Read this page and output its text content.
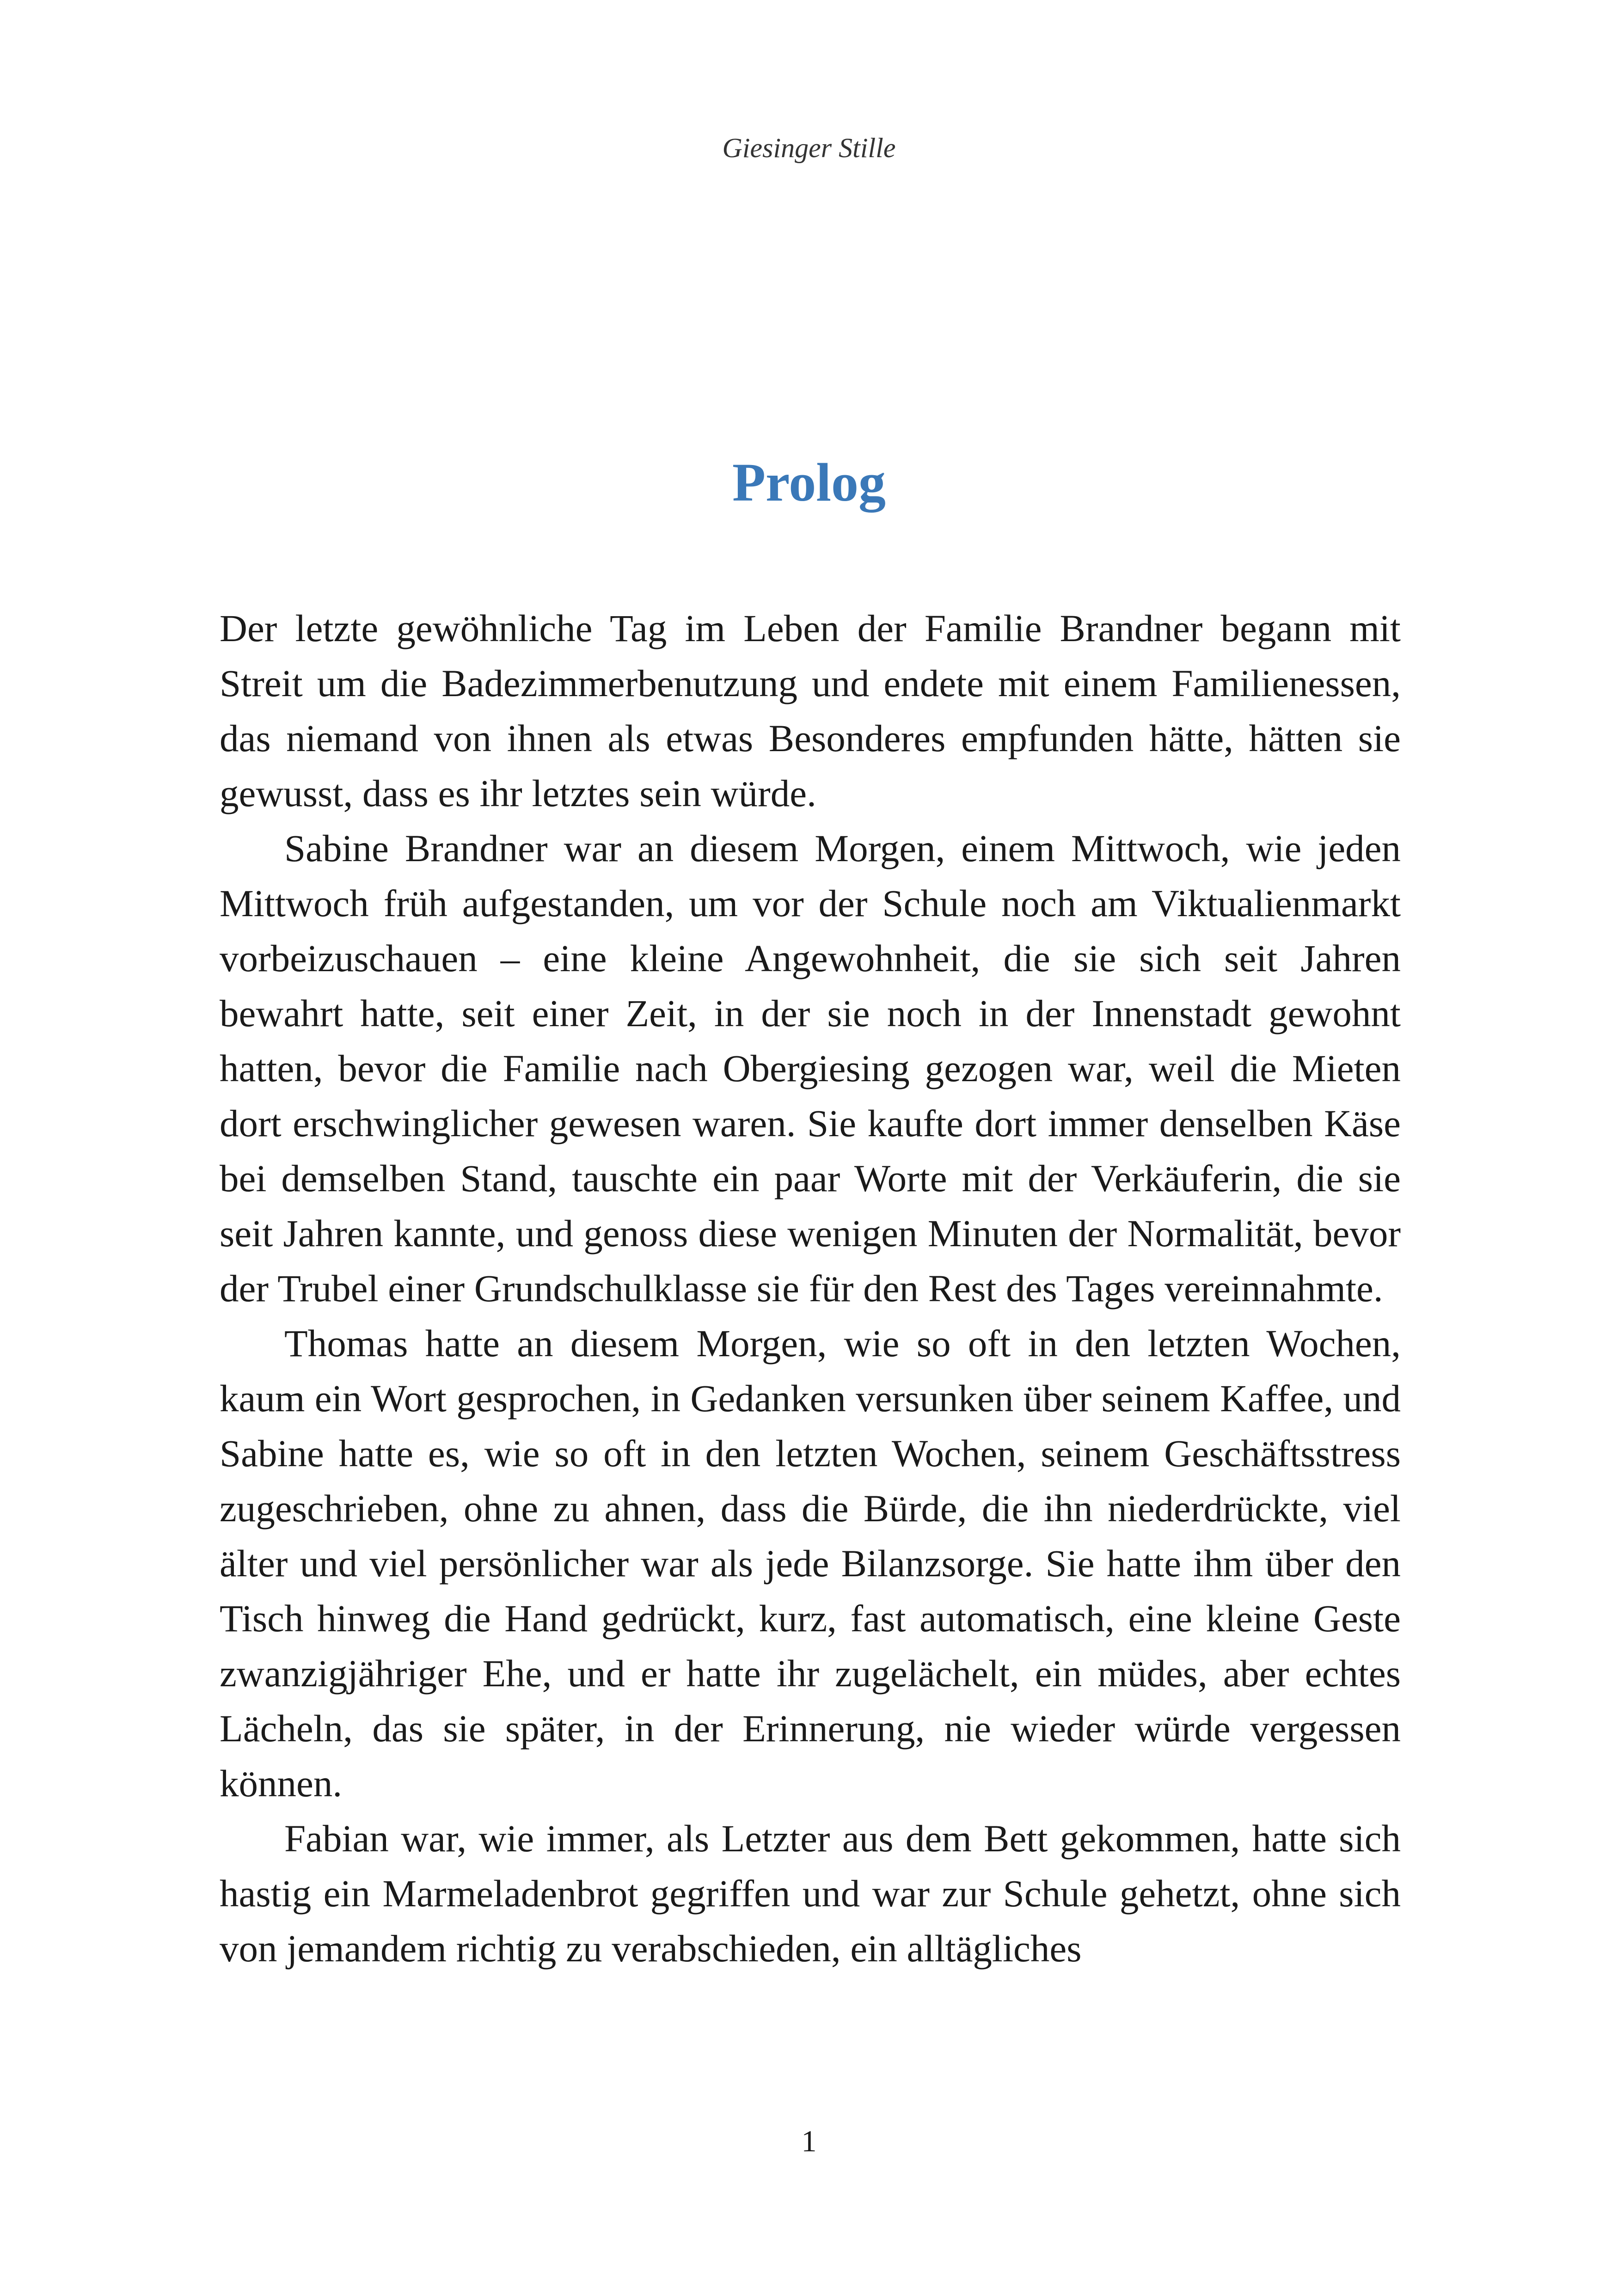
Giesinger Stille
Prolog

Der letzte gewöhnliche Tag im Leben der Familie Brandner begann mit Streit um die Badezimmerbenutzung und endete mit einem Familienessen, das niemand von ihnen als etwas Besonderes empfunden hätte, hätten sie gewusst, dass es ihr letztes sein würde.

Sabine Brandner war an diesem Morgen, einem Mittwoch, wie jeden Mittwoch früh aufgestanden, um vor der Schule noch am Viktualienmarkt vorbeizuschauen – eine kleine Angewohnheit, die sie sich seit Jahren bewahrt hatte, seit einer Zeit, in der sie noch in der Innenstadt gewohnt hatten, bevor die Familie nach Obergiesing gezogen war, weil die Mieten dort erschwinglicher gewesen waren. Sie kaufte dort immer denselben Käse bei demselben Stand, tauschte ein paar Worte mit der Verkäuferin, die sie seit Jahren kannte, und genoss diese wenigen Minuten der Normalität, bevor der Trubel einer Grundschulklasse sie für den Rest des Tages vereinnahmte.

Thomas hatte an diesem Morgen, wie so oft in den letzten Wochen, kaum ein Wort gesprochen, in Gedanken versunken über seinem Kaffee, und Sabine hatte es, wie so oft in den letzten Wochen, seinem Geschäftsstress zugeschrieben, ohne zu ahnen, dass die Bürde, die ihn niederdrückte, viel älter und viel persönlicher war als jede Bilanzsorge. Sie hatte ihm über den Tisch hinweg die Hand gedrückt, kurz, fast automatisch, eine kleine Geste zwanzigjähriger Ehe, und er hatte ihr zugelächelt, ein müdes, aber echtes Lächeln, das sie später, in der Erinnerung, nie wieder würde vergessen können.

Fabian war, wie immer, als Letzter aus dem Bett gekommen, hatte sich hastig ein Marmeladenbrot gegriffen und war zur Schule gehetzt, ohne sich von jemandem richtig zu verabschieden, ein alltägliches

1
